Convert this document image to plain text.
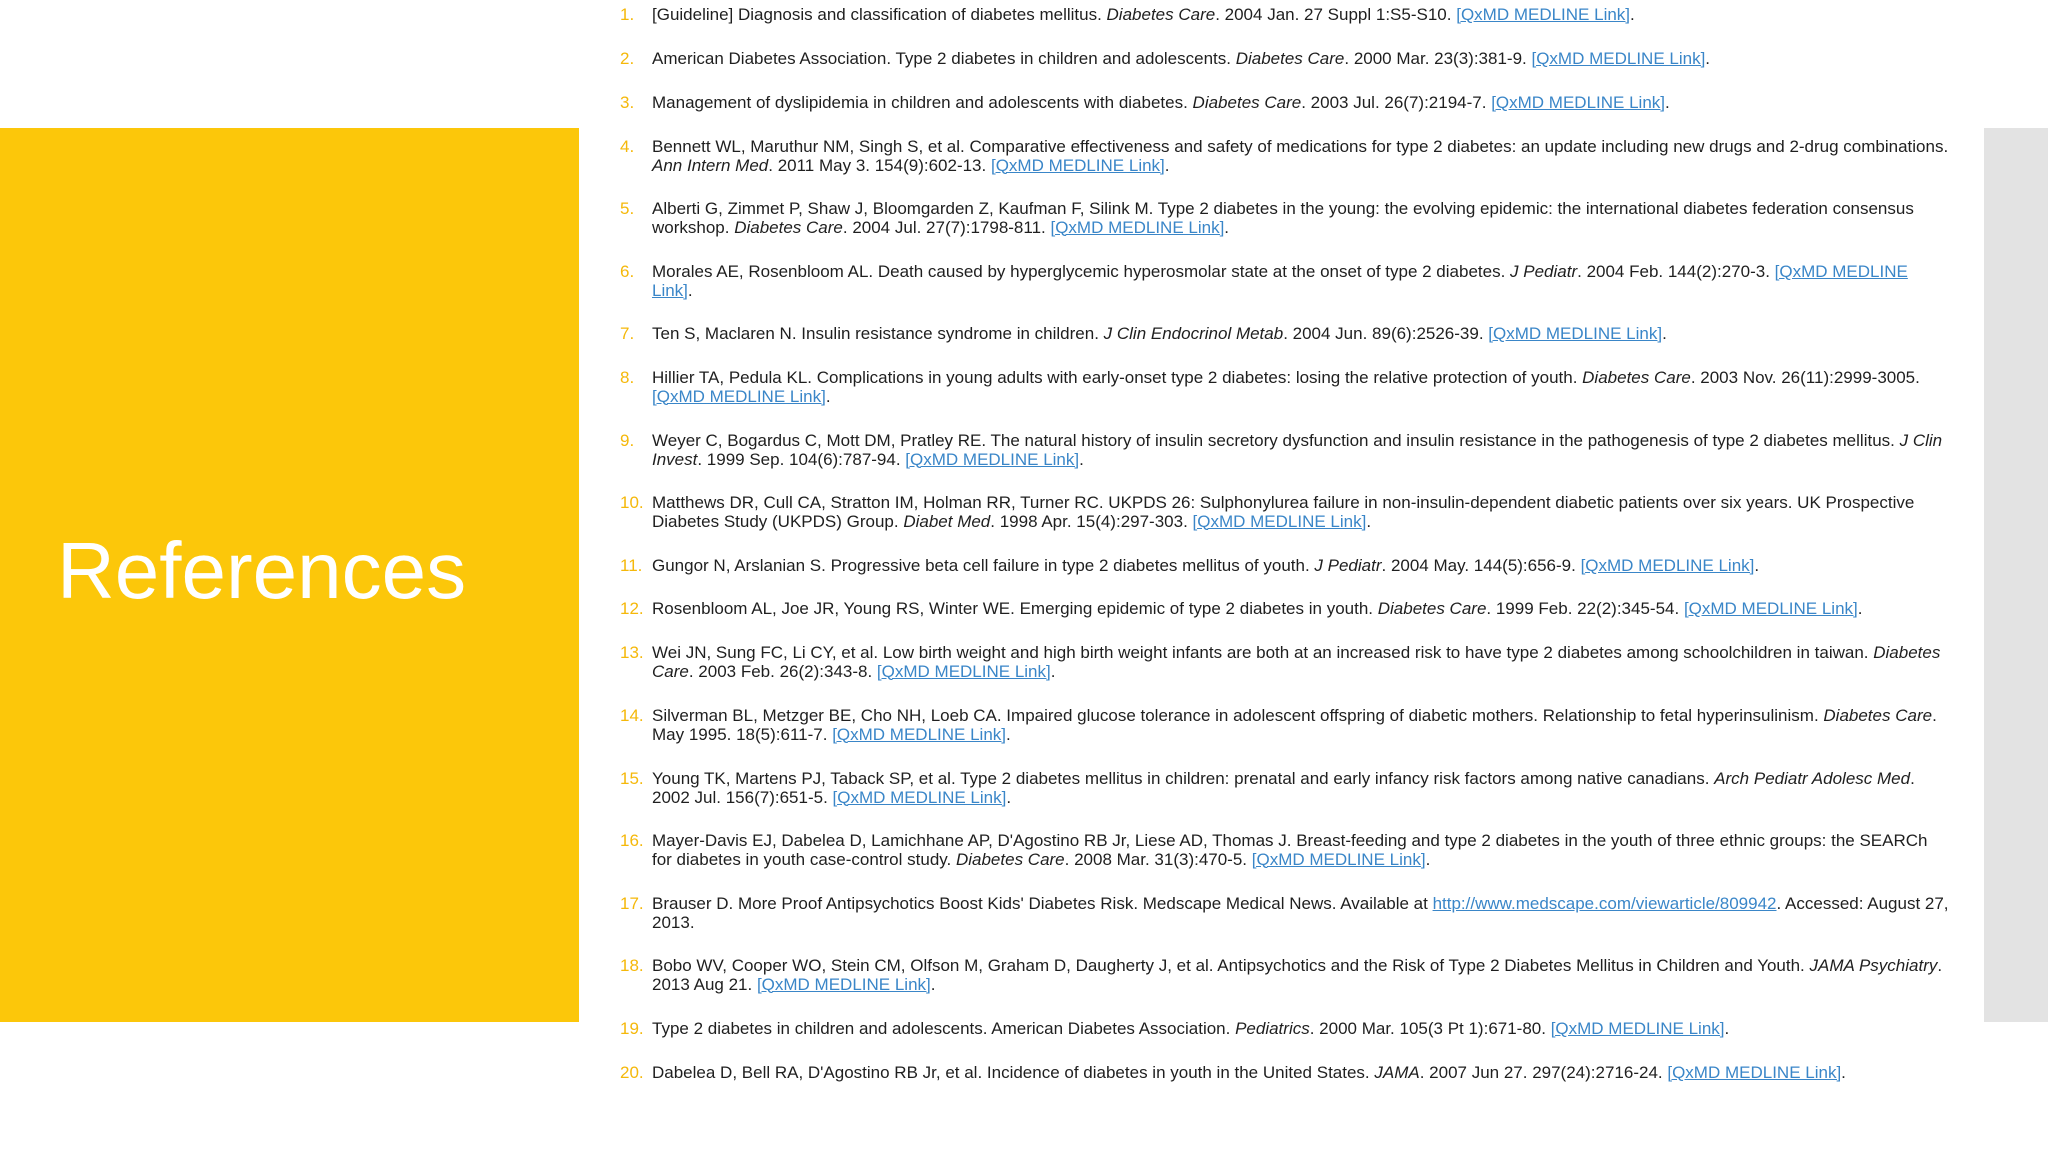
References
1.	[Guideline] Diagnosis and classification of diabetes mellitus. Diabetes Care. 2004 Jan. 27 Suppl 1:S5-S10. [QxMD MEDLINE Link].
2.	American Diabetes Association. Type 2 diabetes in children and adolescents. Diabetes Care. 2000 Mar. 23(3):381-9. [QxMD MEDLINE Link].
3.	Management of dyslipidemia in children and adolescents with diabetes. Diabetes Care. 2003 Jul. 26(7):2194-7. [QxMD MEDLINE Link].
4.	Bennett WL, Maruthur NM, Singh S, et al. Comparative effectiveness and safety of medications for type 2 diabetes: an update including new drugs and 2-drug combinations. Ann Intern Med. 2011 May 3. 154(9):602-13. [QxMD MEDLINE Link].
5.	Alberti G, Zimmet P, Shaw J, Bloomgarden Z, Kaufman F, Silink M. Type 2 diabetes in the young: the evolving epidemic: the international diabetes federation consensus workshop. Diabetes Care. 2004 Jul. 27(7):1798-811. [QxMD MEDLINE Link].
6.	Morales AE, Rosenbloom AL. Death caused by hyperglycemic hyperosmolar state at the onset of type 2 diabetes. J Pediatr. 2004 Feb. 144(2):270-3. [QxMD MEDLINE Link].
7.	Ten S, Maclaren N. Insulin resistance syndrome in children. J Clin Endocrinol Metab. 2004 Jun. 89(6):2526-39. [QxMD MEDLINE Link].
8.	Hillier TA, Pedula KL. Complications in young adults with early-onset type 2 diabetes: losing the relative protection of youth. Diabetes Care. 2003 Nov. 26(11):2999-3005. [QxMD MEDLINE Link].
9.	Weyer C, Bogardus C, Mott DM, Pratley RE. The natural history of insulin secretory dysfunction and insulin resistance in the pathogenesis of type 2 diabetes mellitus. J Clin Invest. 1999 Sep. 104(6):787-94. [QxMD MEDLINE Link].
10. Matthews DR, Cull CA, Stratton IM, Holman RR, Turner RC. UKPDS 26: Sulphonylurea failure in non-insulin-dependent diabetic patients over six years. UK Prospective Diabetes Study (UKPDS) Group. Diabet Med. 1998 Apr. 15(4):297-303. [QxMD MEDLINE Link].
11. Gungor N, Arslanian S. Progressive beta cell failure in type 2 diabetes mellitus of youth. J Pediatr. 2004 May. 144(5):656-9. [QxMD MEDLINE Link].
12. Rosenbloom AL, Joe JR, Young RS, Winter WE. Emerging epidemic of type 2 diabetes in youth. Diabetes Care. 1999 Feb. 22(2):345-54. [QxMD MEDLINE Link].
13. Wei JN, Sung FC, Li CY, et al. Low birth weight and high birth weight infants are both at an increased risk to have type 2 diabetes among schoolchildren in taiwan. Diabetes Care. 2003 Feb. 26(2):343-8. [QxMD MEDLINE Link].
14. Silverman BL, Metzger BE, Cho NH, Loeb CA. Impaired glucose tolerance in adolescent offspring of diabetic mothers. Relationship to fetal hyperinsulinism. Diabetes Care. May 1995. 18(5):611-7. [QxMD MEDLINE Link].
15. Young TK, Martens PJ, Taback SP, et al. Type 2 diabetes mellitus in children: prenatal and early infancy risk factors among native canadians. Arch Pediatr Adolesc Med. 2002 Jul. 156(7):651-5. [QxMD MEDLINE Link].
16. Mayer-Davis EJ, Dabelea D, Lamichhane AP, D'Agostino RB Jr, Liese AD, Thomas J. Breast-feeding and type 2 diabetes in the youth of three ethnic groups: the SEARCh for diabetes in youth case-control study. Diabetes Care. 2008 Mar. 31(3):470-5. [QxMD MEDLINE Link].
17. Brauser D. More Proof Antipsychotics Boost Kids' Diabetes Risk. Medscape Medical News. Available at http://www.medscape.com/viewarticle/809942. Accessed: August 27, 2013.
18. Bobo WV, Cooper WO, Stein CM, Olfson M, Graham D, Daugherty J, et al. Antipsychotics and the Risk of Type 2 Diabetes Mellitus in Children and Youth. JAMA Psychiatry. 2013 Aug 21. [QxMD MEDLINE Link].
19. Type 2 diabetes in children and adolescents. American Diabetes Association. Pediatrics. 2000 Mar. 105(3 Pt 1):671-80. [QxMD MEDLINE Link].
20. Dabelea D, Bell RA, D'Agostino RB Jr, et al. Incidence of diabetes in youth in the United States. JAMA. 2007 Jun 27. 297(24):2716-24. [QxMD MEDLINE Link].
